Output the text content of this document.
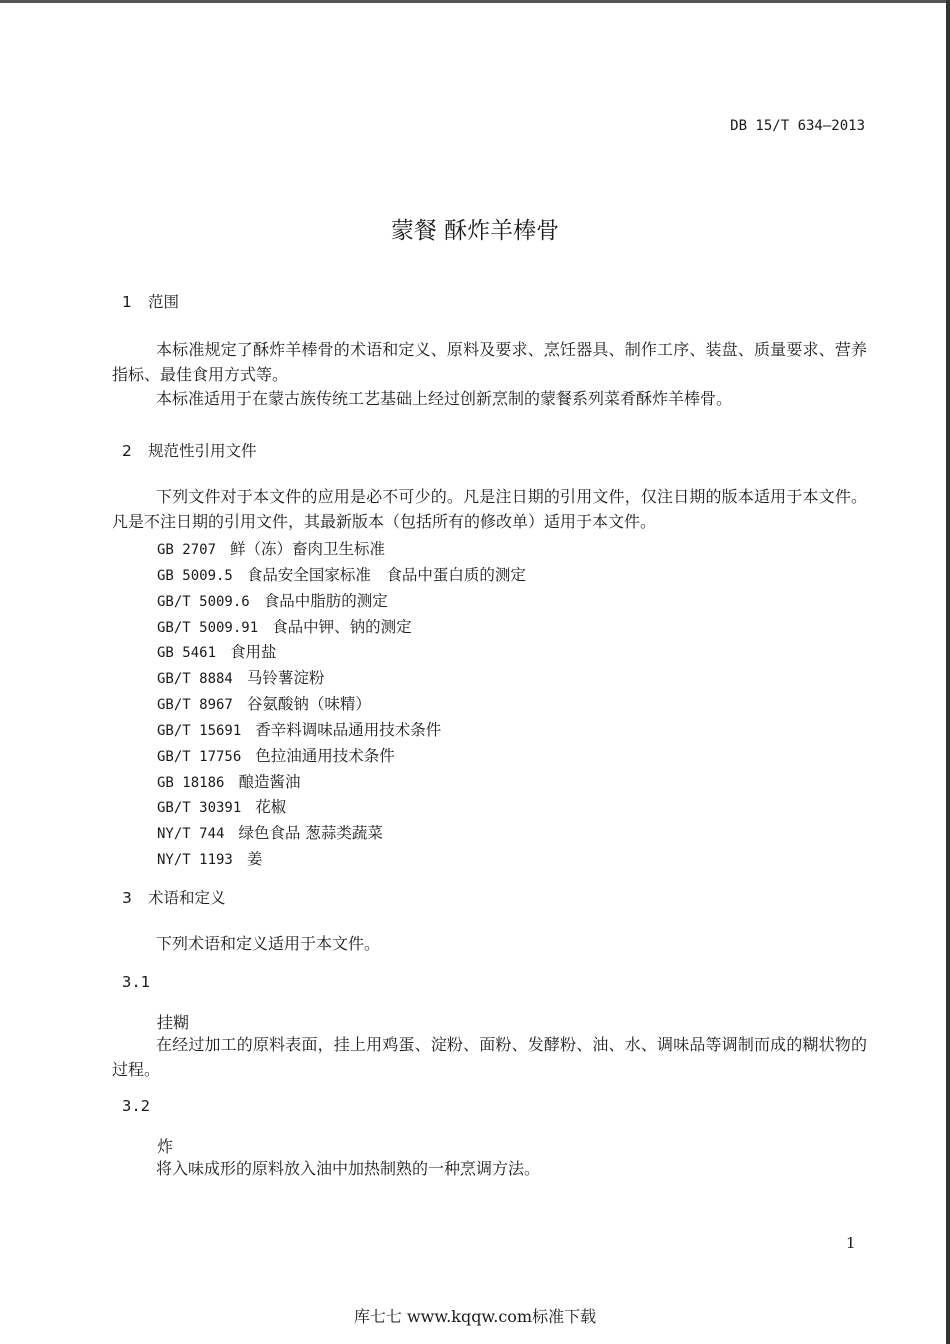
DB 15/T 634—2013
蒙餐 酥炸羊棒骨
1 范围
本标准规定了酥炸羊棒骨的术语和定义、原料及要求、烹饪器具、制作工序、装盘、质量要求、营养指标、最佳食用方式等。
本标准适用于在蒙古族传统工艺基础上经过创新烹制的蒙餐系列菜肴酥炸羊棒骨。
2 规范性引用文件
下列文件对于本文件的应用是必不可少的。凡是注日期的引用文件，仅注日期的版本适用于本文件。凡是不注日期的引用文件，其最新版本（包括所有的修改单）适用于本文件。
GB 2707 鲜（冻）畜肉卫生标准
GB 5009.5 食品安全国家标准　食品中蛋白质的测定
GB/T 5009.6 食品中脂肪的测定
GB/T 5009.91 食品中钾、钠的测定
GB 5461 食用盐
GB/T 8884 马铃薯淀粉
GB/T 8967 谷氨酸钠（味精）
GB/T 15691 香辛料调味品通用技术条件
GB/T 17756 色拉油通用技术条件
GB 18186 酿造酱油
GB/T 30391 花椒
NY/T 744 绿色食品 葱蒜类蔬菜
NY/T 1193 姜
3 术语和定义
下列术语和定义适用于本文件。
3.1
挂糊
在经过加工的原料表面，挂上用鸡蛋、淀粉、面粉、发酵粉、油、水、调味品等调制而成的糊状物的过程。
3.2
炸
将入味成形的原料放入油中加热制熟的一种烹调方法。
1
库七七 www.kqqw.com标准下载
